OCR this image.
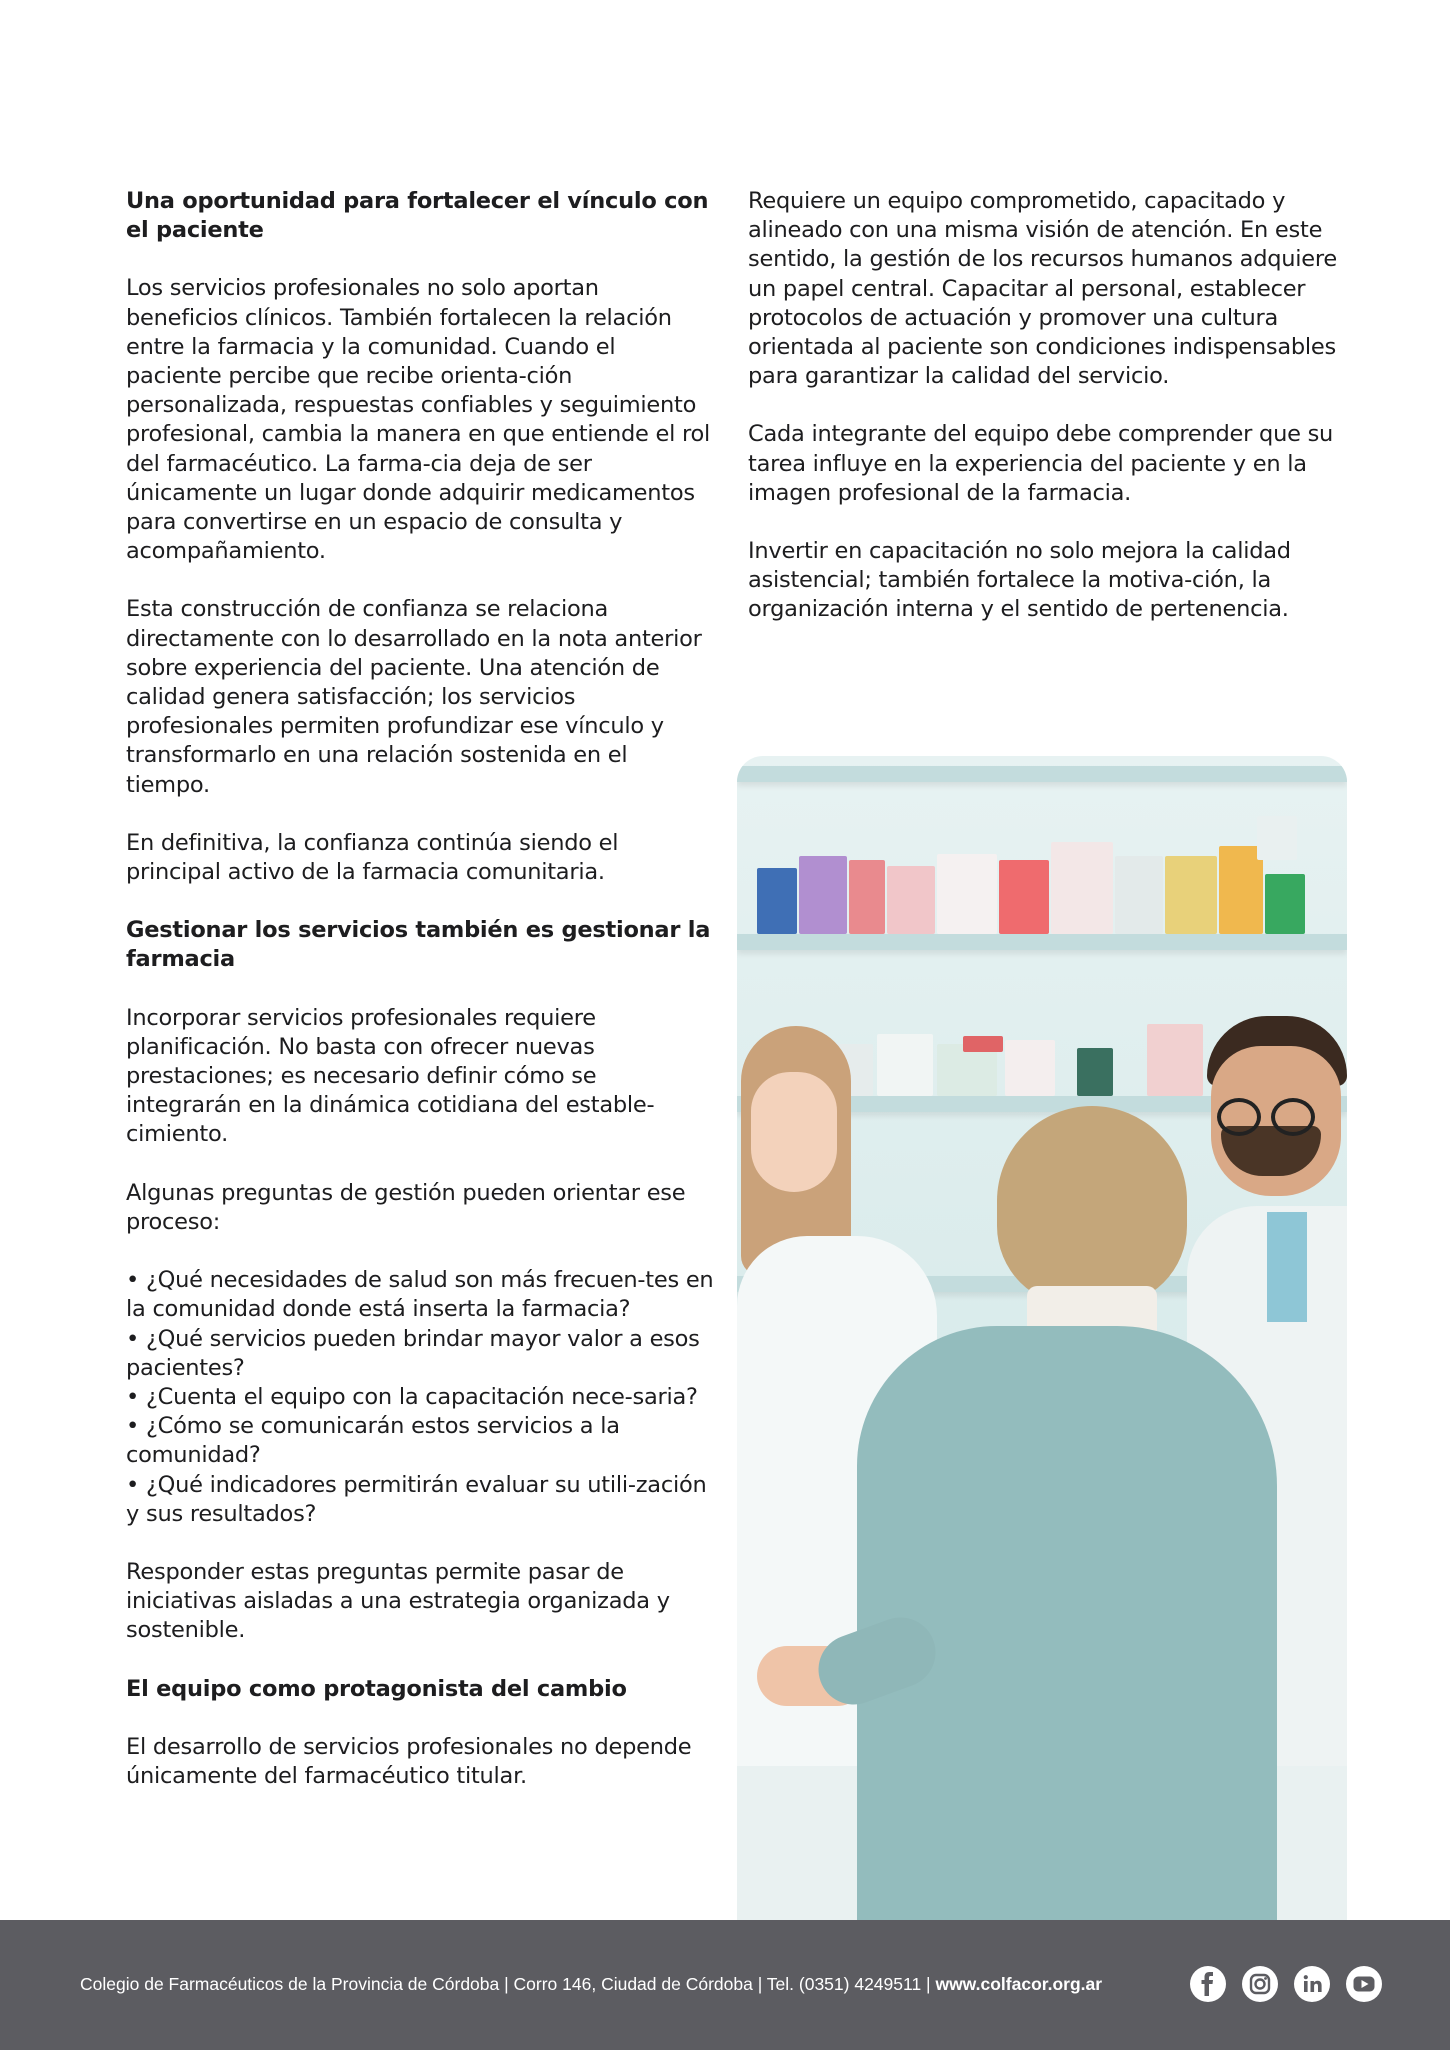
Una oportunidad para fortalecer el vínculo con el paciente

Los servicios profesionales no solo aportan beneficios clínicos. También fortalecen la relación entre la farmacia y la comunidad. Cuando el paciente percibe que recibe orienta-ción personalizada, respuestas confiables y seguimiento profesional, cambia la manera en que entiende el rol del farmacéutico. La farma-cia deja de ser únicamente un lugar donde adquirir medicamentos para convertirse en un espacio de consulta y acompañamiento.

Esta construcción de confianza se relaciona directamente con lo desarrollado en la nota anterior sobre experiencia del paciente. Una atención de calidad genera satisfacción; los servicios profesionales permiten profundizar ese vínculo y transformarlo en una relación sostenida en el tiempo.

En definitiva, la confianza continúa siendo el principal activo de la farmacia comunitaria.

Gestionar los servicios también es gestionar la farmacia

Incorporar servicios profesionales requiere planificación. No basta con ofrecer nuevas prestaciones; es necesario definir cómo se integrarán en la dinámica cotidiana del estable-cimiento.

Algunas preguntas de gestión pueden orientar ese proceso:

• ¿Qué necesidades de salud son más frecuen-tes en la comunidad donde está inserta la farmacia?
• ¿Qué servicios pueden brindar mayor valor a esos pacientes?
• ¿Cuenta el equipo con la capacitación nece-saria?
• ¿Cómo se comunicarán estos servicios a la comunidad?
• ¿Qué indicadores permitirán evaluar su utili-zación y sus resultados?

Responder estas preguntas permite pasar de iniciativas aisladas a una estrategia organizada y sostenible.

El equipo como protagonista del cambio

El desarrollo de servicios profesionales no depende únicamente del farmacéutico titular.

Requiere un equipo comprometido, capacitado y alineado con una misma visión de atención. En este sentido, la gestión de los recursos humanos adquiere un papel central. Capacitar al personal, establecer protocolos de actuación y promover una cultura orientada al paciente son condiciones indispensables para garantizar la calidad del servicio.

Cada integrante del equipo debe comprender que su tarea influye en la experiencia del paciente y en la imagen profesional de la farmacia.

Invertir en capacitación no solo mejora la calidad asistencial; también fortalece la motiva-ción, la organización interna y el sentido de pertenencia.

Colegio de Farmacéuticos de la Provincia de Córdoba | Corro 146, Ciudad de Córdoba | Tel. (0351) 4249511 | www.colfacor.org.ar
